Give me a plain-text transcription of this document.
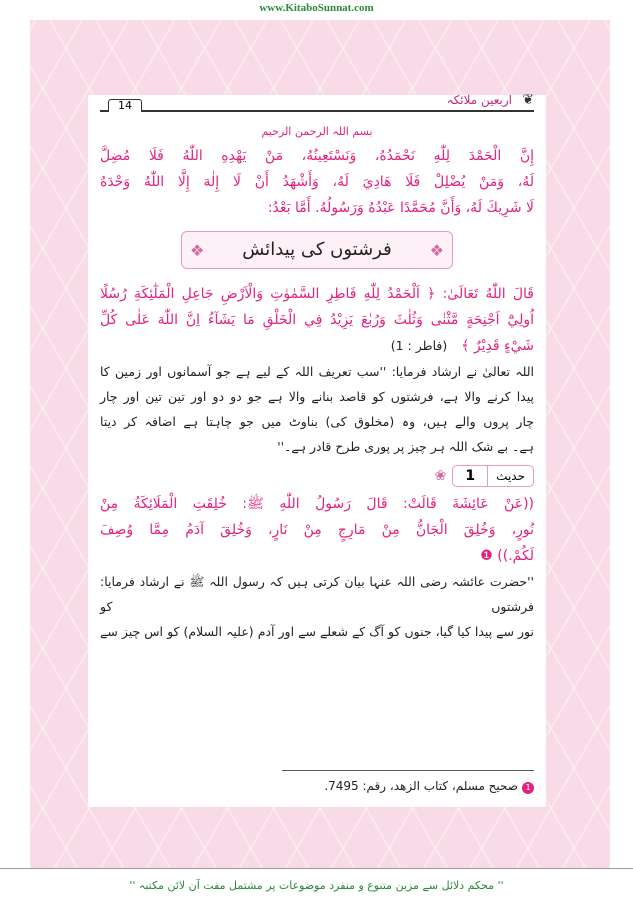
www.KitaboSunnat.com
14	اربعین ملائکہ ❦
بسم اللہ الرحمن الرحیم
إِنَّ الْحَمْدَ لِلّٰهِ نَحْمَدُهُ، وَنَسْتَعِينُهُ، مَنْ يَهْدِهِ اللّٰهُ فَلَا مُضِلَّ
لَهُ، وَمَنْ يُضْلِلْ فَلَا هَادِيَ لَهُ، وَأَشْهَدُ أَنْ لَا إِلٰهَ إِلَّا اللّٰهُ وَحْدَهُ
لَا شَرِيكَ لَهُ، وَأَنَّ مُحَمَّدًا عَبْدُهُ وَرَسُولُهُ. أَمَّا بَعْدُ:
❖
فرشتوں کی پیدائش
❖
قَالَ اللّٰهُ تَعَالَىٰ: ﴿ اَلْحَمْدُ لِلّٰهِ فَاطِرِ السَّمٰوٰتِ وَالْاَرْضِ جَاعِلِ الْمَلٰٓئِكَةِ رُسُلًا
اُولِيْٓ اَجْنِحَةٍ مَّثْنٰى وَثُلٰثَ وَرُبٰعَ يَزِيْدُ فِي الْخَلْقِ مَا يَشَآءُ اِنَّ اللّٰهَ عَلٰى كُلِّ
شَيْءٍ قَدِيْرٌ ﴾
(فاطر : 1)
اللہ تعالیٰ نے ارشاد فرمایا: ''سب تعریف اللہ کے لیے ہے جو آسمانوں اور زمین کا
پیدا کرنے والا ہے، فرشتوں کو قاصد بنانے والا ہے جو دو دو اور تین تین اور چار
چار پروں والے ہیں، وہ (مخلوق کی) بناوٹ میں جو چاہتا ہے اضافہ کر دیتا
ہے۔ بے شک اللہ ہر چیز پر پوری طرح قادر ہے۔''
حدیث
1
❀
((عَنْ عَائِشَةَ قَالَتْ: قَالَ رَسُولُ اللّٰهِ ﷺ: خُلِقَتِ الْمَلَائِكَةُ مِنْ
نُورٍ، وَخُلِقَ الْجَانُّ مِنْ مَارِجٍ مِنْ نَارٍ، وَخُلِقَ آدَمُ مِمَّا وُصِفَ
لَكُمْ.)) ❶
''حضرت عائشہ رضی اللہ عنہا بیان کرتی ہیں کہ رسول اللہ ﷺ نے ارشاد فرمایا: فرشتوں کو
نور سے پیدا کیا گیا، جنوں کو آگ کے شعلے سے اور آدم (علیہ السلام) کو اس چیز سے
1صحيح مسلم، كتاب الزهد، رقم: 7495.
'' محکم دلائل سے مزین متنوع و منفرد موضوعات پر مشتمل مفت آن لائن مکتبہ ''
